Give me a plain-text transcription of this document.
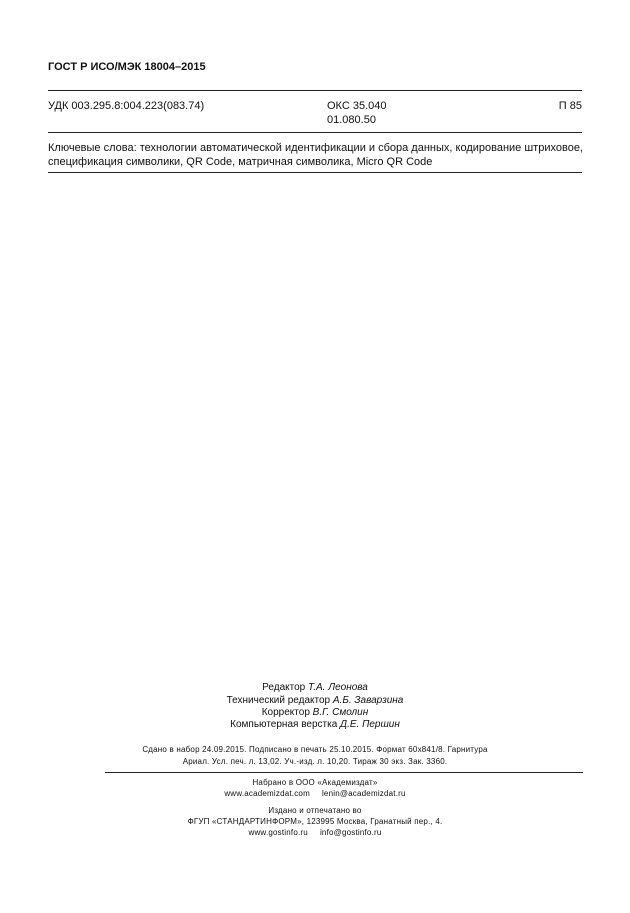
ГОСТ Р ИСО/МЭК 18004–2015
УДК 003.295.8:004.223(083.74)	ОКС 35.040
01.080.50
П 85
Ключевые слова: технологии автоматической идентификации и сбора данных, кодирование штриховое,
спецификация символики, QR Code, матричная символика, Micro QR Code
Редактор Т.А. Леонова
Технический редактор А.Б. Заварзина
Корректор В.Г. Смолин
Компьютерная верстка Д.Е. Першин
Сдано в набор 24.09.2015. Подписано в печать 25.10.2015. Формат 60x841/8. Гарнитура
Ариал. Усл. печ. л. 13,02. Уч.-изд. л. 10,20. Тираж 30 экз. Зак. 3360.
Набрано в ООО «Академиздат»
www.academizdat.com lenin@academizdat.ru
Издано и отпечатано во
ФГУП «СТАНДАРТИНФОРМ», 123995 Москва, Гранатный пер., 4.
www.gostinfo.ru info@gostinfo.ru
